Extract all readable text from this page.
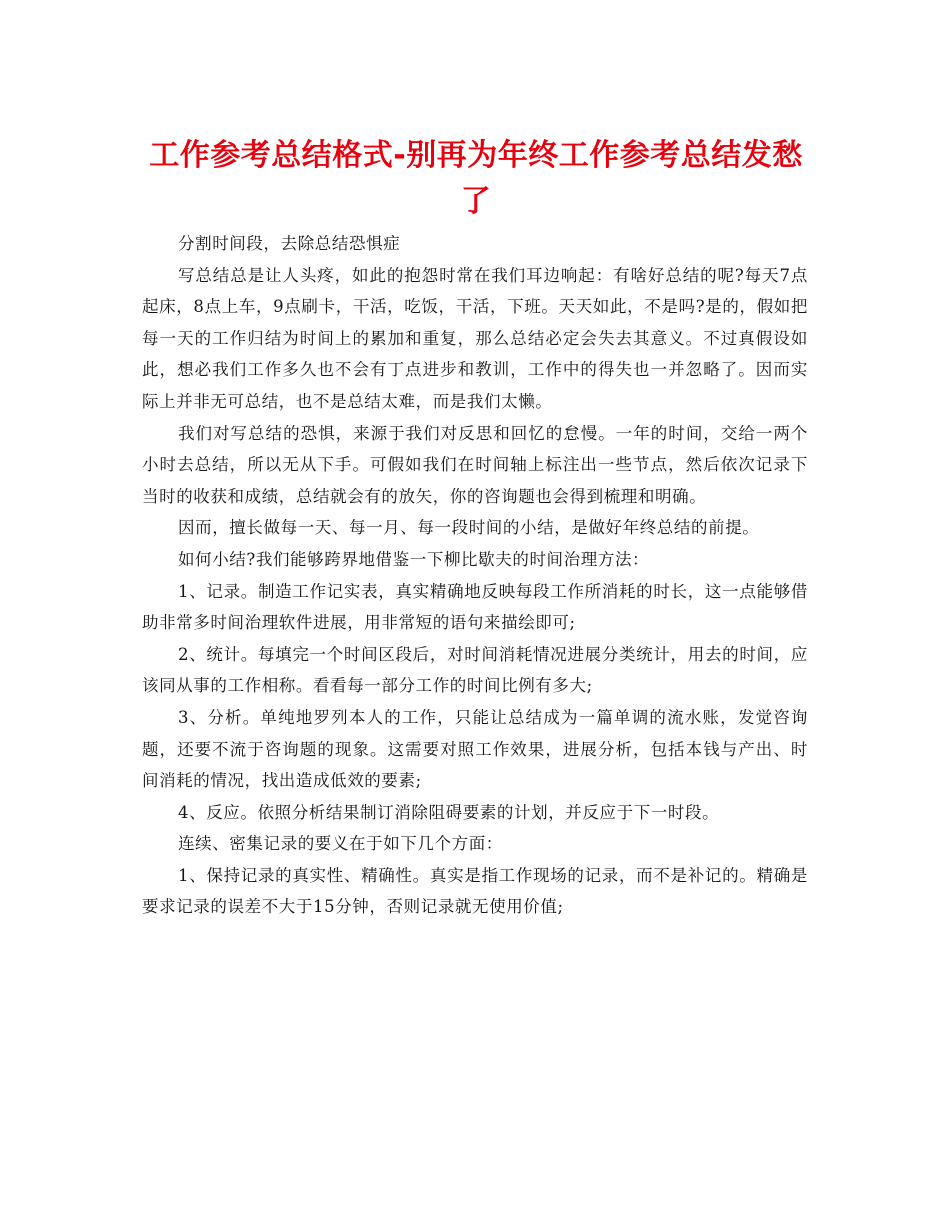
工作参考总结格式-别再为年终工作参考总结发愁了

分割时间段，去除总结恐惧症

写总结总是让人头疼，如此的抱怨时常在我们耳边响起：有啥好总结的呢?每天7点起床，8点上车，9点刷卡，干活，吃饭，干活，下班。天天如此，不是吗?是的，假如把每一天的工作归结为时间上的累加和重复，那么总结必定会失去其意义。不过真假设如此，想必我们工作多久也不会有丁点进步和教训，工作中的得失也一并忽略了。因而实际上并非无可总结，也不是总结太难，而是我们太懒。

我们对写总结的恐惧，来源于我们对反思和回忆的怠慢。一年的时间，交给一两个小时去总结，所以无从下手。可假如我们在时间轴上标注出一些节点，然后依次记录下当时的收获和成绩，总结就会有的放矢，你的咨询题也会得到梳理和明确。

因而，擅长做每一天、每一月、每一段时间的小结，是做好年终总结的前提。

如何小结?我们能够跨界地借鉴一下柳比歇夫的时间治理方法：

1、记录。制造工作记实表，真实精确地反映每段工作所消耗的时长，这一点能够借助非常多时间治理软件进展，用非常短的语句来描绘即可;

2、统计。每填完一个时间区段后，对时间消耗情况进展分类统计，用去的时间，应该同从事的工作相称。看看每一部分工作的时间比例有多大;

3、分析。单纯地罗列本人的工作，只能让总结成为一篇单调的流水账，发觉咨询题，还要不流于咨询题的现象。这需要对照工作效果，进展分析，包括本钱与产出、时间消耗的情况，找出造成低效的要素;

4、反应。依照分析结果制订消除阻碍要素的计划，并反应于下一时段。

连续、密集记录的要义在于如下几个方面：

1、保持记录的真实性、精确性。真实是指工作现场的记录，而不是补记的。精确是要求记录的误差不大于15分钟，否则记录就无使用价值;
